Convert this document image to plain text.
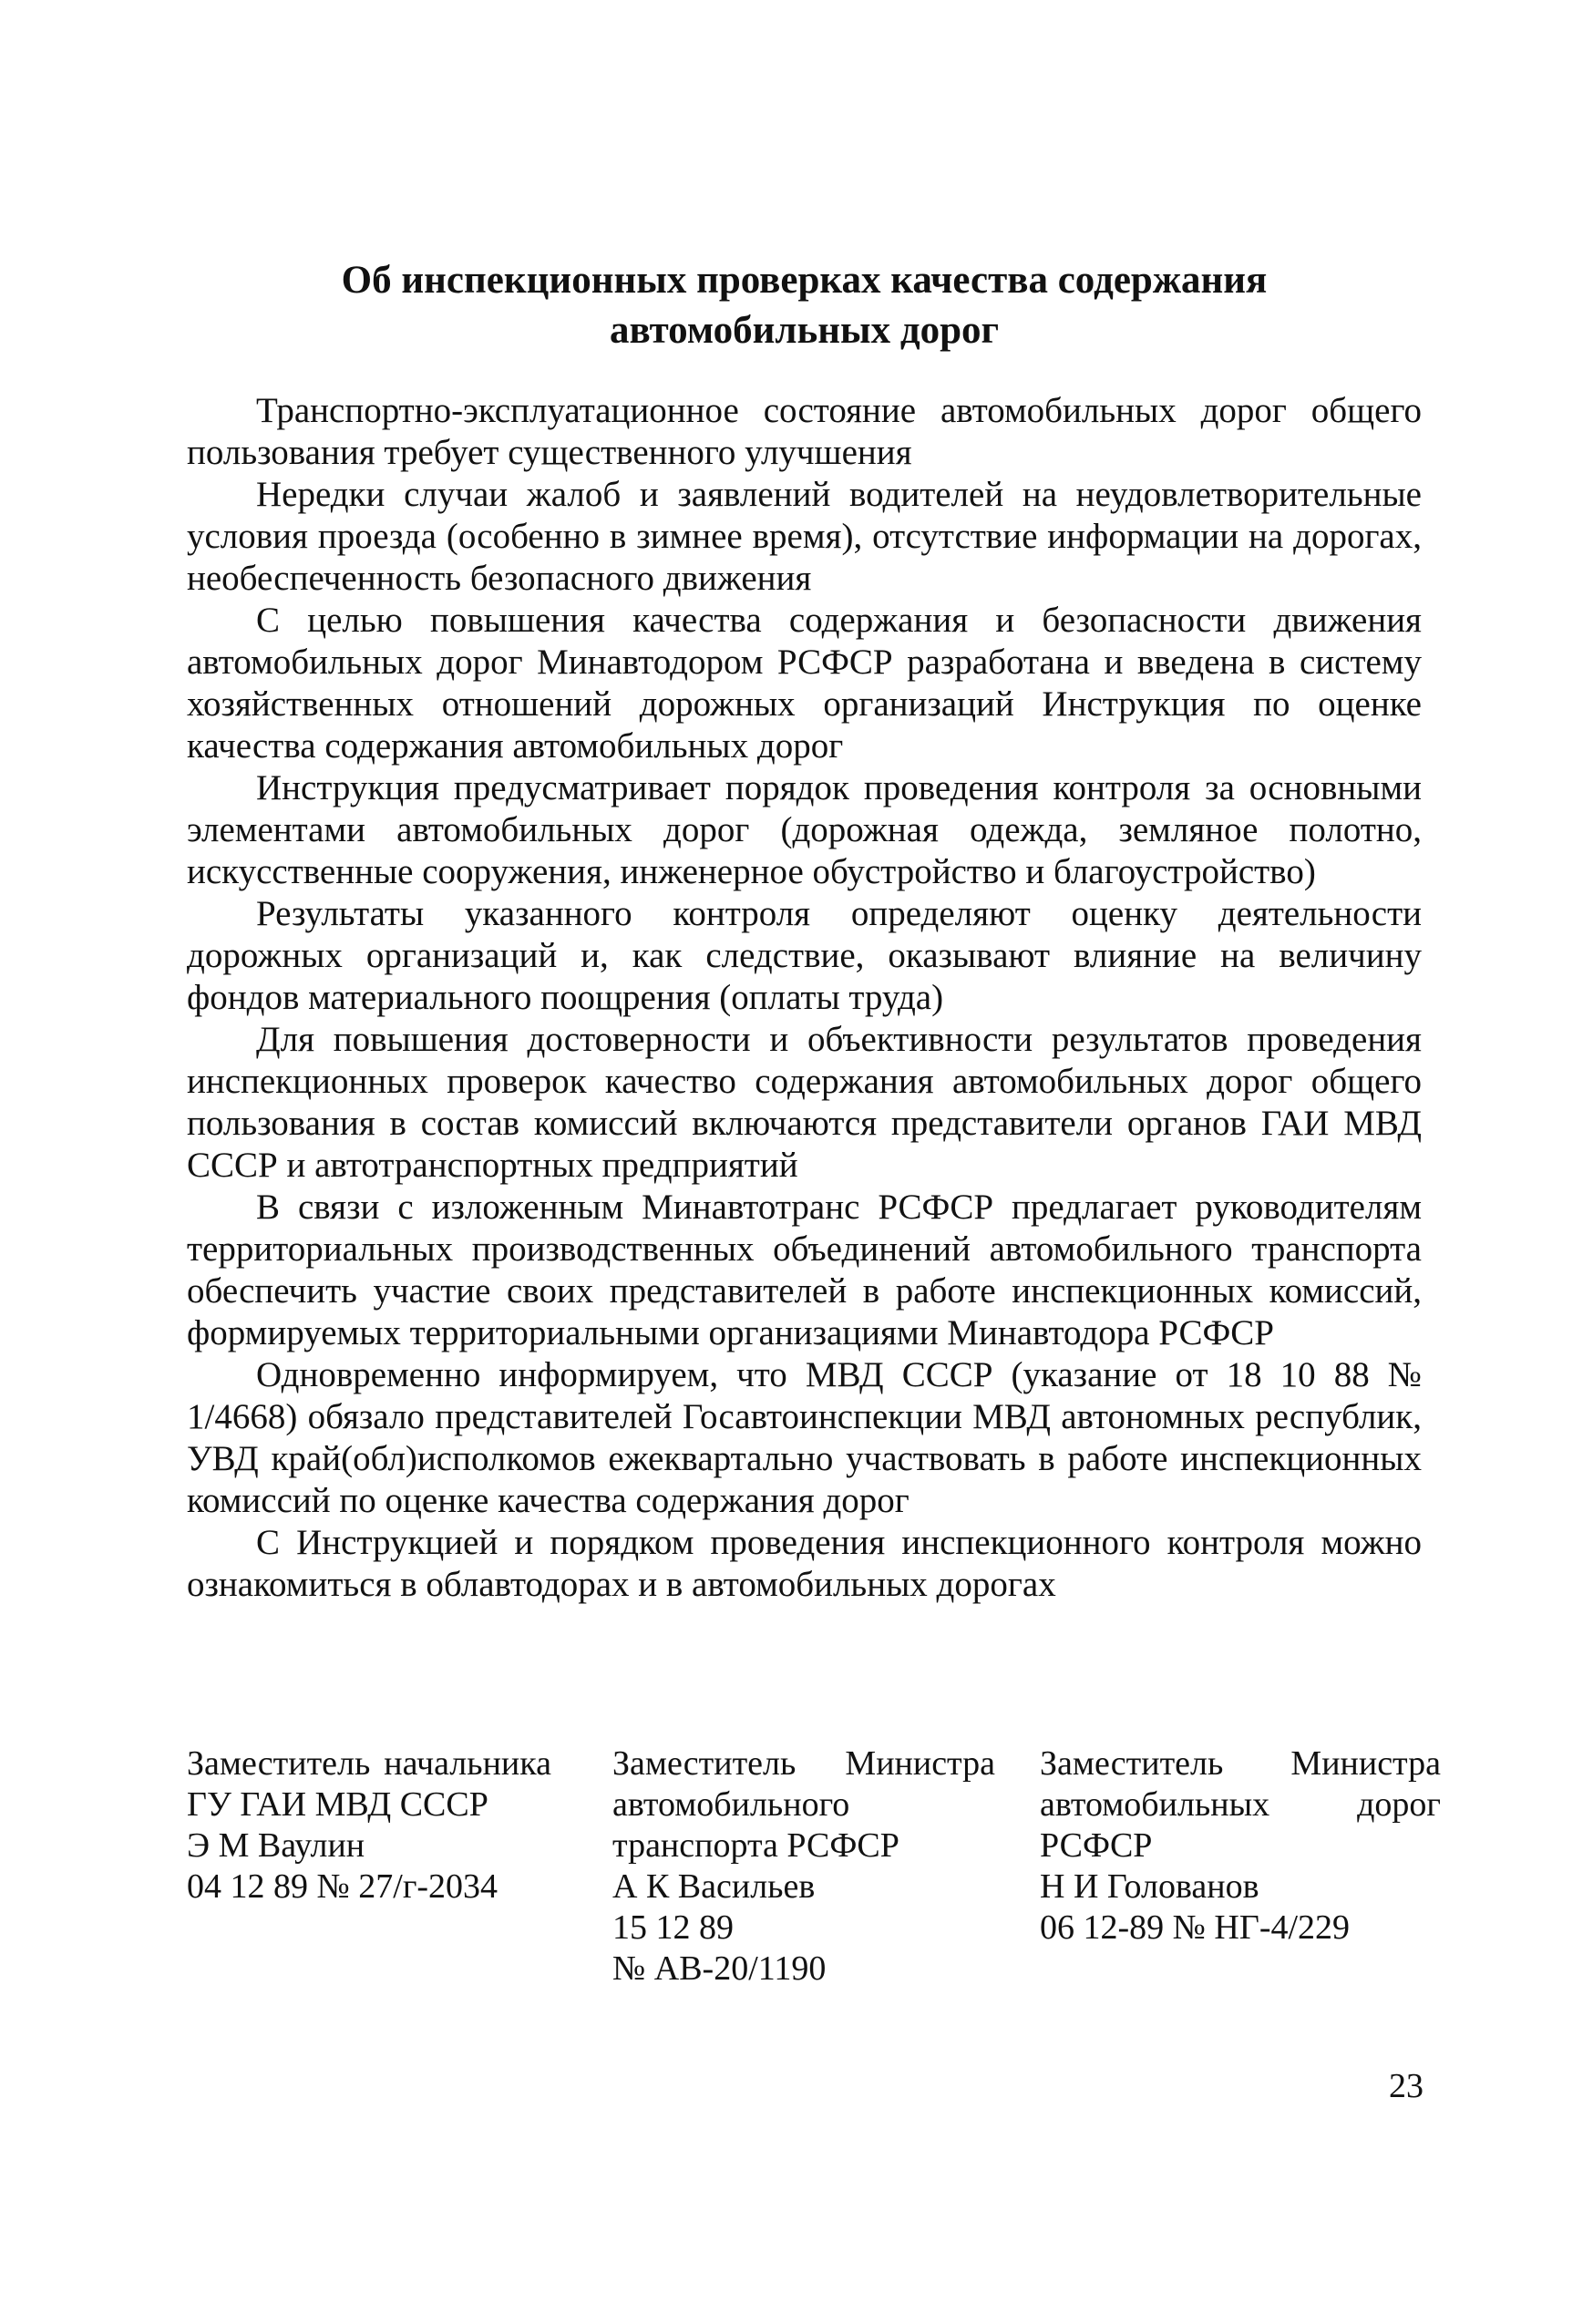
Об инспекционных проверках качества содержания
автомобильных дорог

Транспортно-эксплуатационное состояние автомобильных дорог общего пользования требует существенного улучшения

Нередки случаи жалоб и заявлений водителей на неудовлетворительные условия проезда (особенно в зимнее время), отсутствие информации на дорогах, необеспеченность безопасного движения

С целью повышения качества содержания и безопасности движения автомобильных дорог Минавтодором РСФСР разработана и введена в систему хозяйственных отношений дорожных организаций Инструкция по оценке качества содержания автомобильных дорог

Инструкция предусматривает порядок проведения контроля за основными элементами автомобильных дорог (дорожная одежда, земляное полотно, искусственные сооружения, инженерное обустройство и благоустройство)

Результаты указанного контроля определяют оценку деятельности дорожных организаций и, как следствие, оказывают влияние на величину фондов материального поощрения (оплаты труда)

Для повышения достоверности и объективности результатов проведения инспекционных проверок качество содержания автомобильных дорог общего пользования в состав комиссий включаются представители органов ГАИ МВД СССР и автотранспортных предприятий

В связи с изложенным Минавтотранс РСФСР предлагает руководителям территориальных производственных объединений автомобильного транспорта обеспечить участие своих представителей в работе инспекционных комиссий, формируемых территориальными организациями Минавтодора РСФСР

Одновременно информируем, что МВД СССР (указание от 18 10 88 № 1/4668) обязало представителей Госавтоинспекции МВД автономных республик, УВД край(обл)исполкомов ежеквартально участвовать в работе инспекционных комиссий по оценке качества содержания дорог

С Инструкцией и порядком проведения инспекционного контроля можно ознакомиться в облавтодорах и в автомобильных дорогах

Заместитель начальника ГУ ГАИ МВД СССР
Э М Ваулин
04 12 89 № 27/г-2034
Заместитель Министра автомобильного транспорта РСФСР
А К Васильев
15 12 89
№ АВ-20/1190
Заместитель Министра автомобильных дорог РСФСР
Н И Голованов
06 12-89 № НГ-4/229
23
